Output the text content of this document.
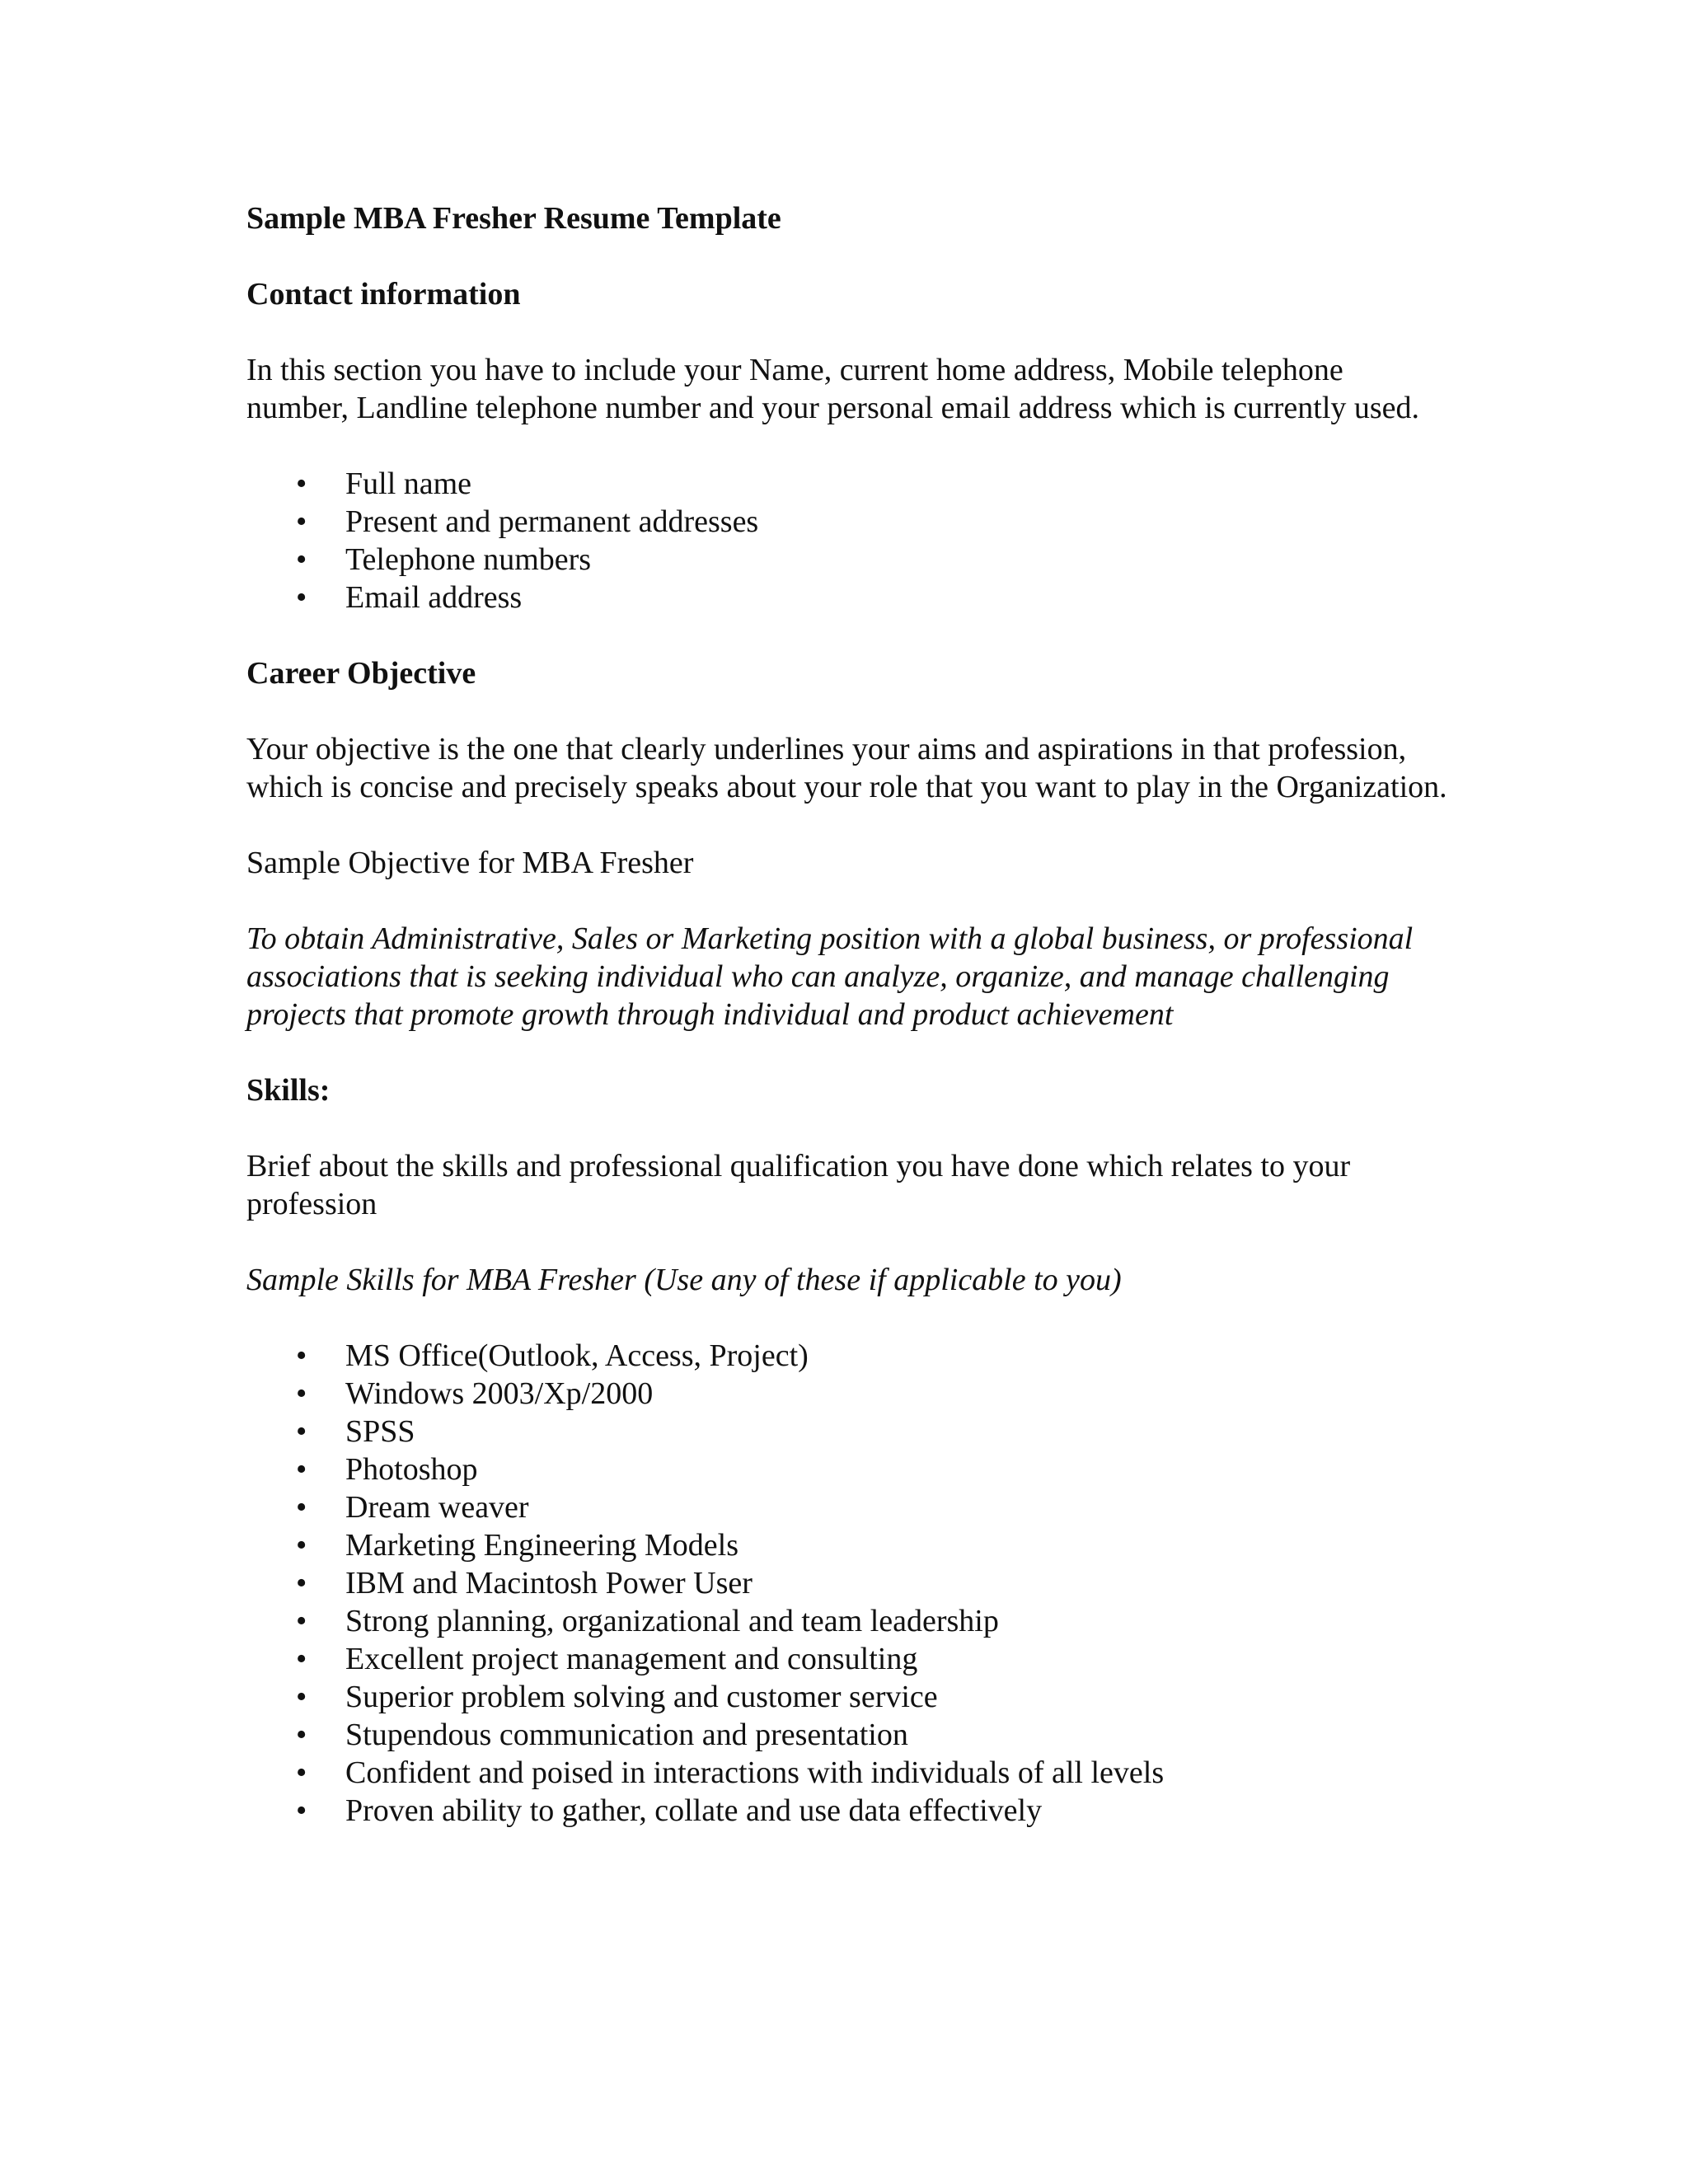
Sample MBA Fresher Resume Template
Contact information
In this section you have to include your Name, current home address, Mobile telephone number, Landline telephone number and your personal email address which is currently used.
•	Full name
•	Present and permanent addresses
•	Telephone numbers
•	Email address
Career Objective
Your objective is the one that clearly underlines your aims and aspirations in that profession, which is concise and precisely speaks about your role that you want to play in the Organization.
Sample Objective for MBA Fresher
To obtain Administrative, Sales or Marketing position with a global business, or professional associations that is seeking individual who can analyze, organize, and manage challenging projects that promote growth through individual and product achievement
Skills:
Brief about the skills and professional qualification you have done which relates to your profession
Sample Skills for MBA Fresher (Use any of these if applicable to you)
•	MS Office(Outlook, Access, Project)
•	Windows 2003/Xp/2000
•	SPSS
•	Photoshop
•	Dream weaver
•	Marketing Engineering Models
•	IBM and Macintosh Power User
•	Strong planning, organizational and team leadership
•	Excellent project management and consulting
•	Superior problem solving and customer service
•	Stupendous communication and presentation
•	Confident and poised in interactions with individuals of all levels
•	Proven ability to gather, collate and use data effectively
